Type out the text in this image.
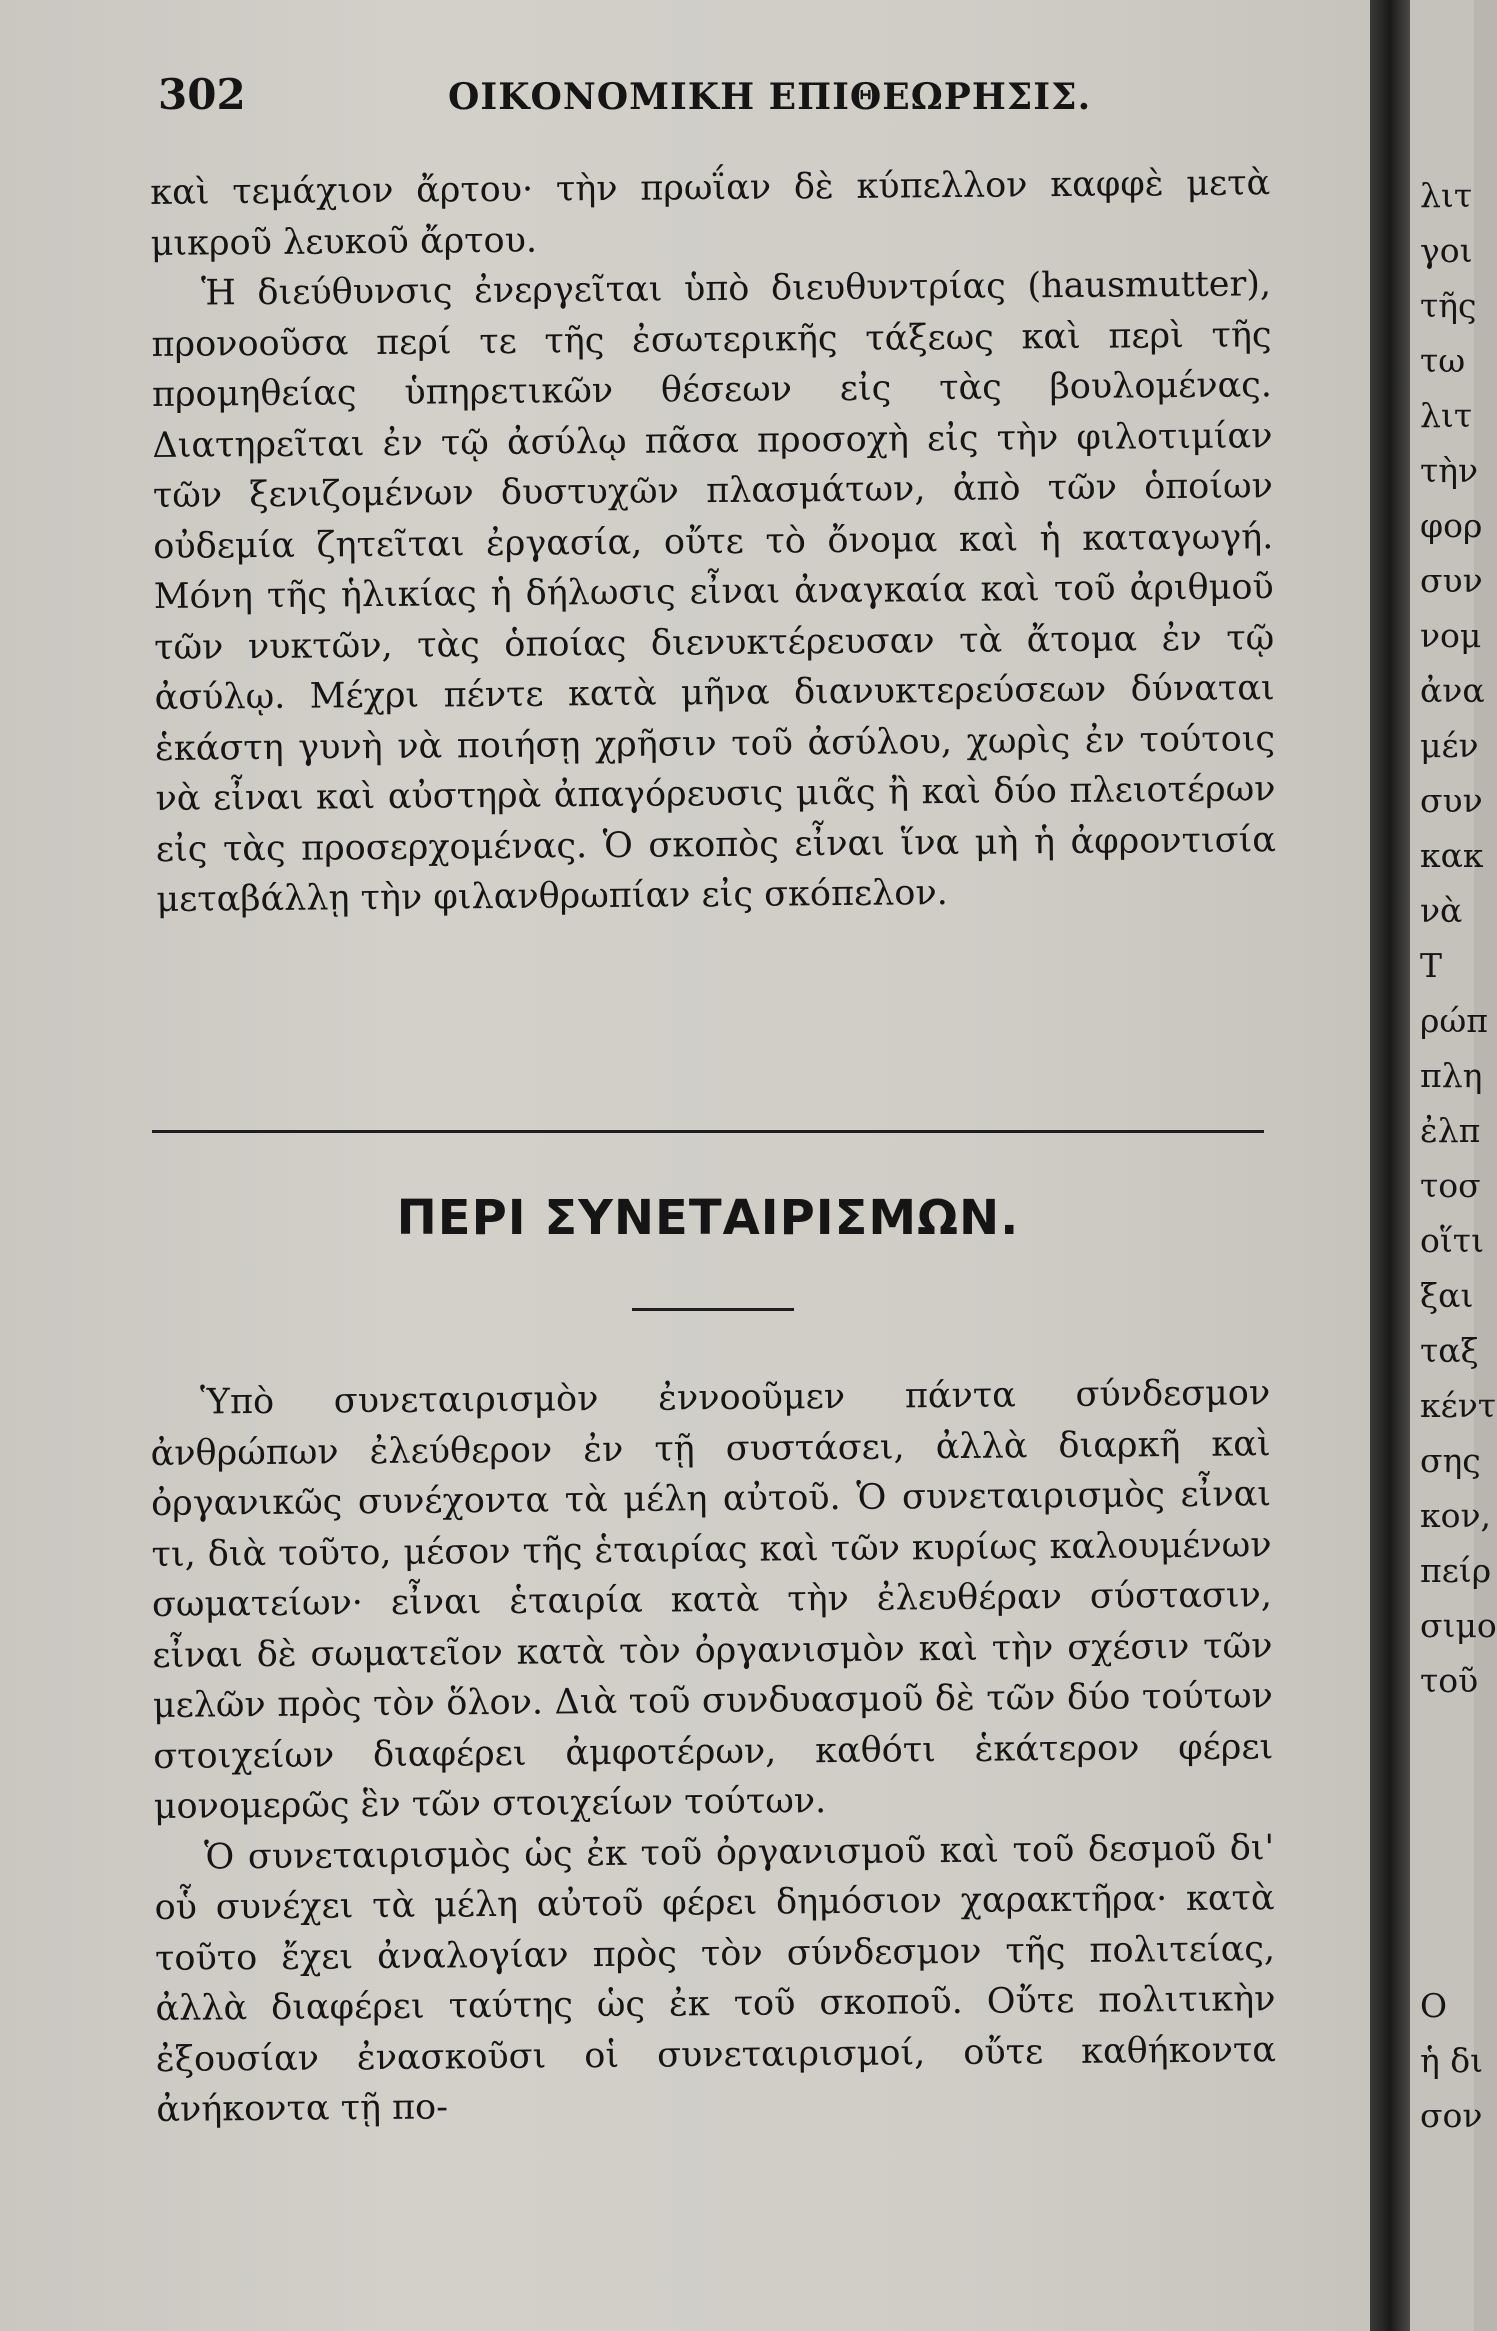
302	ΟΙΚΟΝΟΜΙΚΗ ΕΠΙΘΕΩΡΗΣΙΣ.

καὶ τεμάχιον ἄρτου· τὴν πρωΐαν δὲ κύπελλον καφφὲ μετὰ μικροῦ λευκοῦ ἄρτου.

Ἡ διεύθυνσις ἐνεργεῖται ὑπὸ διευθυντρίας (hausmutter), προνοοῦσα περί τε τῆς ἐσωτερικῆς τάξεως καὶ περὶ τῆς προμηθείας ὑπηρετικῶν θέσεων εἰς τὰς βουλομένας. Διατηρεῖται ἐν τῷ ἀσύλῳ πᾶσα προσοχὴ εἰς τὴν φιλοτιμίαν τῶν ξενιζομένων δυστυχῶν πλασμάτων, ἀπὸ τῶν ὁποίων οὐδεμία ζητεῖται ἐργασία, οὔτε τὸ ὄνομα καὶ ἡ καταγωγή. Μόνη τῆς ἡλικίας ἡ δήλωσις εἶναι ἀναγκαία καὶ τοῦ ἀριθμοῦ τῶν νυκτῶν, τὰς ὁποίας διενυκτέρευσαν τὰ ἄτομα ἐν τῷ ἀσύλῳ. Μέχρι πέντε κατὰ μῆνα διανυκτερεύσεων δύναται ἑκάστη γυνὴ νὰ ποιήσῃ χρῆσιν τοῦ ἀσύλου, χωρὶς ἐν τούτοις νὰ εἶναι καὶ αὐστηρὰ ἀπαγόρευσις μιᾶς ἢ καὶ δύο πλειοτέρων εἰς τὰς προσερχομένας. Ὁ σκοπὸς εἶναι ἵνα μὴ ἡ ἀφροντισία μεταβάλλῃ τὴν φιλανθρωπίαν εἰς σκόπελον.

ΠΕΡΙ ΣΥΝΕΤΑΙΡΙΣΜΩΝ.

Ὑπὸ συνεταιρισμὸν ἐννοοῦμεν πάντα σύνδεσμον ἀνθρώπων ἐλεύθερον ἐν τῇ συστάσει, ἀλλὰ διαρκῆ καὶ ὀργανικῶς συνέχοντα τὰ μέλη αὐτοῦ. Ὁ συνεταιρισμὸς εἶναι τι, διὰ τοῦτο, μέσον τῆς ἑταιρίας καὶ τῶν κυρίως καλουμένων σωματείων· εἶναι ἑταιρία κατὰ τὴν ἐλευθέραν σύστασιν, εἶναι δὲ σωματεῖον κατὰ τὸν ὀργανισμὸν καὶ τὴν σχέσιν τῶν μελῶν πρὸς τὸν ὅλον. Διὰ τοῦ συνδυασμοῦ δὲ τῶν δύο τούτων στοιχείων διαφέρει ἀμφοτέρων, καθότι ἑκάτερον φέρει μονομερῶς ἓν τῶν στοιχείων τούτων.

Ὁ συνεταιρισμὸς ὡς ἐκ τοῦ ὀργανισμοῦ καὶ τοῦ δεσμοῦ δι' οὗ συνέχει τὰ μέλη αὐτοῦ φέρει δημόσιον χαρακτῆρα· κατὰ τοῦτο ἔχει ἀναλογίαν πρὸς τὸν σύνδεσμον τῆς πολιτείας, ἀλλὰ διαφέρει ταύτης ὡς ἐκ τοῦ σκοποῦ. Οὔτε πολιτικὴν ἐξουσίαν ἐνασκοῦσι οἱ συνεταιρισμοί, οὔτε καθήκοντα ἀνήκοντα τῇ πο-

λιτ
γοι
τῆς
τω
λιτ
τὴν
φορ
συν
νομ
ἀνα
μέν
συν
κακ
νὰ
Τ
ρώπ
πλη
ἐλπ
τοσ
οἵτι
ξαι
ταξ
κέντ
σης
κον,
πείρ
σιμο
τοῦ
Ο
ἡ δι
σον
